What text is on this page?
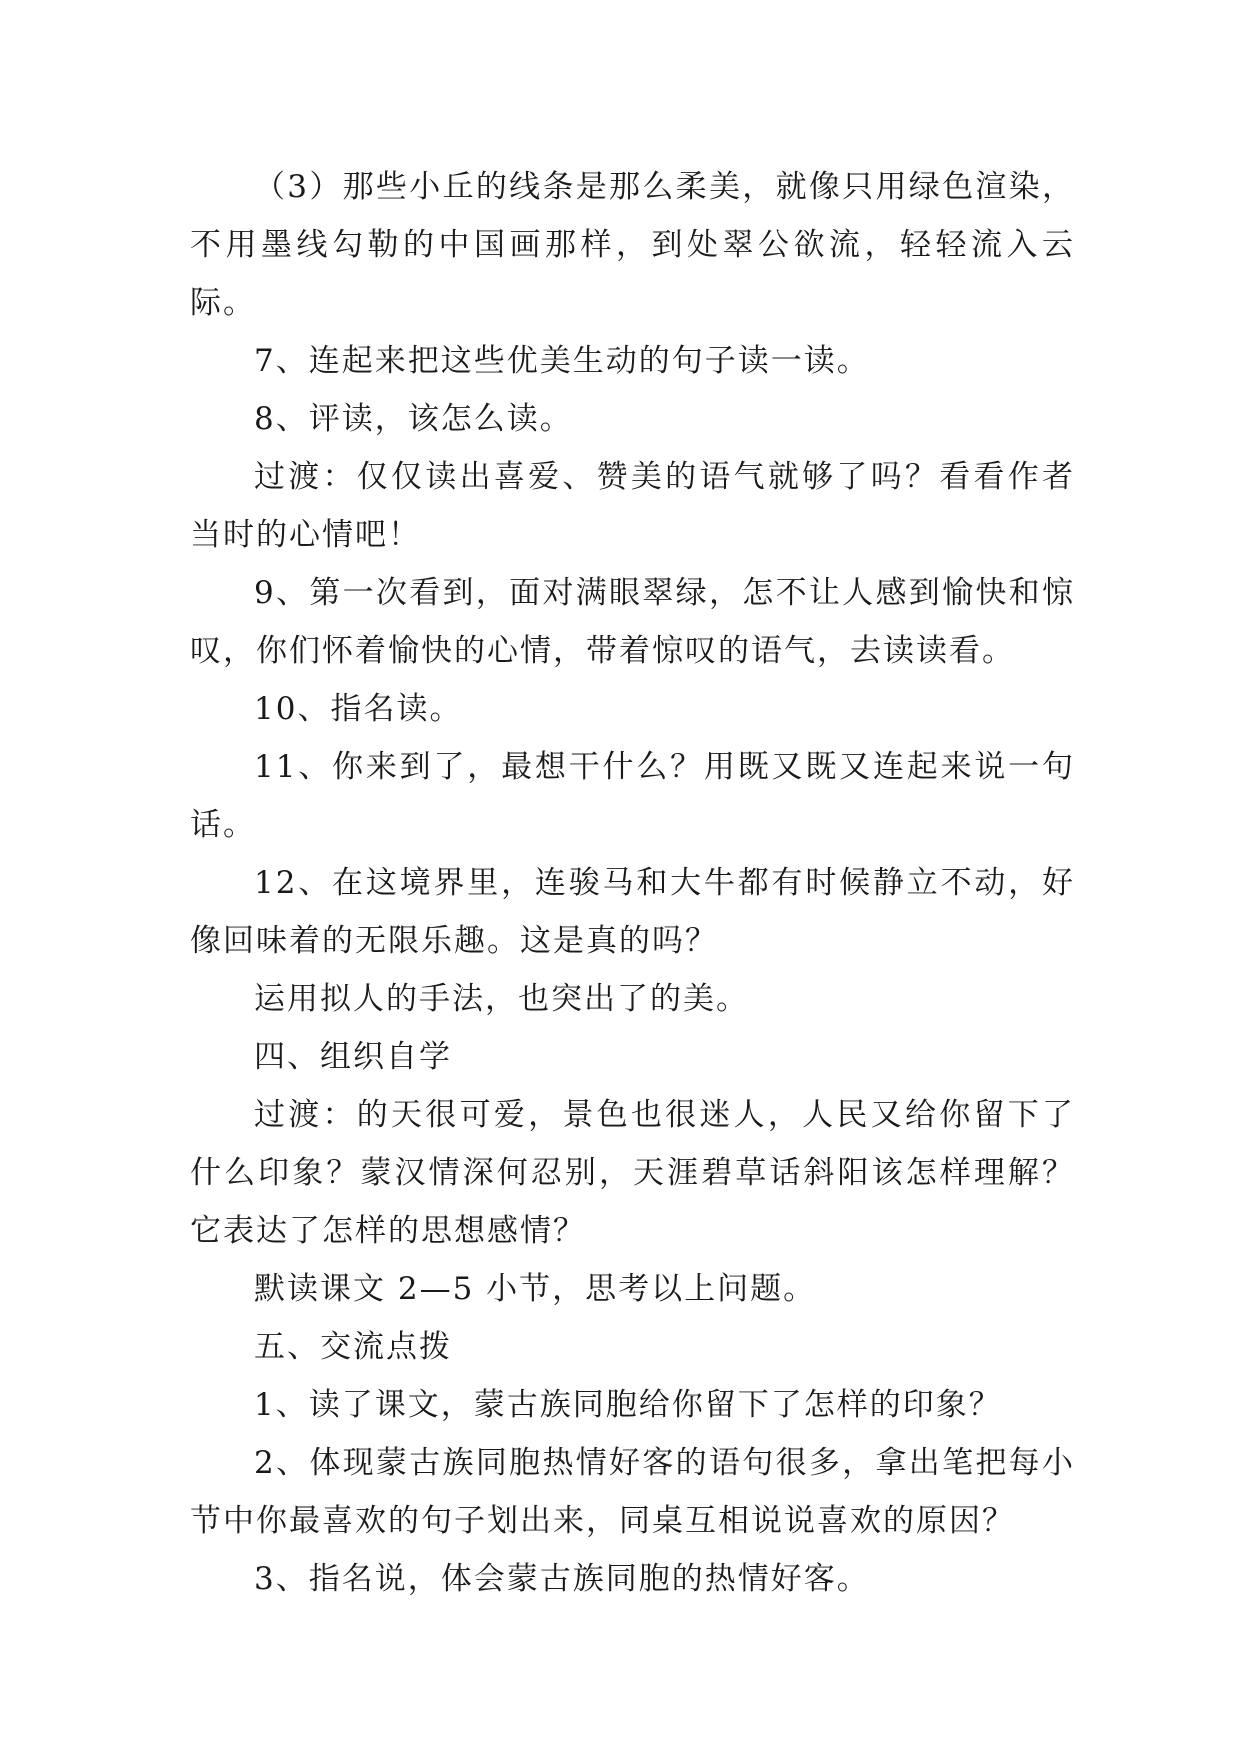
（3）那些小丘的线条是那么柔美，就像只用绿色渲染，不用墨线勾勒的中国画那样，到处翠公欲流，轻轻流入云际。

7、连起来把这些优美生动的句子读一读。

8、评读，该怎么读。

过渡：仅仅读出喜爱、赞美的语气就够了吗？看看作者当时的心情吧！

9、第一次看到，面对满眼翠绿，怎不让人感到愉快和惊叹，你们怀着愉快的心情，带着惊叹的语气，去读读看。

10、指名读。

11、你来到了，最想干什么？用既又既又连起来说一句话。

12、在这境界里，连骏马和大牛都有时候静立不动，好像回味着的无限乐趣。这是真的吗？

运用拟人的手法，也突出了的美。

四、组织自学

过渡：的天很可爱，景色也很迷人，人民又给你留下了什么印象？蒙汉情深何忍别，天涯碧草话斜阳该怎样理解？它表达了怎样的思想感情？

默读课文 2—5 小节，思考以上问题。

五、交流点拨

1、读了课文，蒙古族同胞给你留下了怎样的印象？

2、体现蒙古族同胞热情好客的语句很多，拿出笔把每小节中你最喜欢的句子划出来，同桌互相说说喜欢的原因？

3、指名说，体会蒙古族同胞的热情好客。
